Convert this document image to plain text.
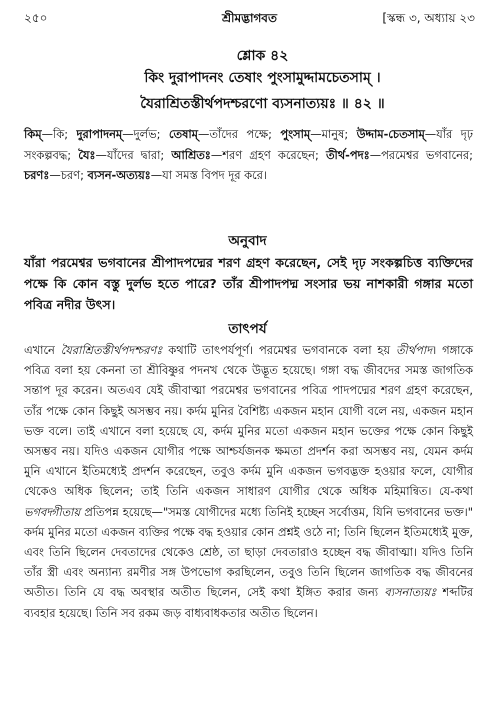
২৫০	শ্রীমদ্ভাগবত	[স্কন্ধ ৩, অধ্যায় ২৩
শ্লোক ৪২
কিং দুরাপাদনং তেষাং পুংসামুদ্দামচেতসাম্ ।
যৈরাশ্রিতস্তীর্থপদশ্চরণো ব্যসনাত্যয়ঃ ॥ ৪২ ॥
কিম্—কি; দুরাপাদনম্—দুর্লভ; তেষাম্—তাঁদের পক্ষে; পুংসাম্—মানুষ; উদ্দাম-চেতসাম্—যাঁর দৃঢ় সংকল্পবদ্ধ; যৈঃ—যাঁদের দ্বারা; আশ্রিতঃ—শরণ গ্রহণ করেছেন; তীর্থ-পদঃ—পরমেশ্বর ভগবানের; চরণঃ—চরণ; ব্যসন-অত্যয়ঃ—যা সমস্ত বিপদ দূর করে।
অনুবাদ
যাঁরা পরমেশ্বর ভগবানের শ্রীপাদপদ্মের শরণ গ্রহণ করেছেন, সেই দৃঢ় সংকল্পচিত্ত ব্যক্তিদের পক্ষে কি কোন বস্তু দুর্লভ হতে পারে? তাঁর শ্রীপাদপদ্ম সংসার ভয় নাশকারী গঙ্গার মতো পবিত্র নদীর উৎস।
তাৎপর্য

এখানে যৈরাশ্রিতস্তীর্থপদশ্চরণঃ কথাটি তাৎপর্যপূর্ণ। পরমেশ্বর ভগবানকে বলা হয় তীর্থপাদ। গঙ্গাকে পবিত্র বলা হয় কেননা তা শ্রীবিষ্ণুর পদনখ থেকে উদ্ভূত হয়েছে। গঙ্গা বদ্ধ জীবদের সমস্ত জাগতিক সন্তাপ দূর করেন। অতএব যেই জীবাত্মা পরমেশ্বর ভগবানের পবিত্র পাদপদ্মের শরণ গ্রহণ করেছেন, তাঁর পক্ষে কোন কিছুই অসম্ভব নয়। কর্দম মুনির বৈশিষ্ট্য একজন মহান যোগী বলে নয়, একজন মহান ভক্ত বলে। তাই এখানে বলা হয়েছে যে, কর্দম মুনির মতো একজন মহান ভক্তের পক্ষে কোন কিছুই অসম্ভব নয়। যদিও একজন যোগীর পক্ষে আশ্চর্যজনক ক্ষমতা প্রদর্শন করা অসম্ভব নয়, যেমন কর্দম মুনি এখানে ইতিমধ্যেই প্রদর্শন করেছেন, তবুও কর্দম মুনি একজন ভগবদ্ভক্ত হওয়ার ফলে, যোগীর থেকেও অধিক ছিলেন; তাই তিনি একজন সাধারণ যোগীর থেকে অধিক মহিমান্বিত। যে-কথা ভগবদ্গীতায় প্রতিপন্ন হয়েছে—"সমস্ত যোগীদের মধ্যে তিনিই হচ্ছেন সর্বোত্তম, যিনি ভগবানের ভক্ত।" কর্দম মুনির মতো একজন ব্যক্তির পক্ষে বদ্ধ হওয়ার কোন প্রশ্নই ওঠে না; তিনি ছিলেন ইতিমধ্যেই মুক্ত, এবং তিনি ছিলেন দেবতাদের থেকেও শ্রেষ্ঠ, তা ছাড়া দেবতারাও হচ্ছেন বদ্ধ জীবাত্মা। যদিও তিনি তাঁর স্ত্রী এবং অন্যান্য রমণীর সঙ্গ উপভোগ করছিলেন, তবুও তিনি ছিলেন জাগতিক বদ্ধ জীবনের অতীত। তিনি যে বদ্ধ অবস্থার অতীত ছিলেন, সেই কথা ইঙ্গিত করার জন্য ব্যসনাত্যয়ঃ শব্দটির ব্যবহার হয়েছে। তিনি সব রকম জড় বাধ্যবাধকতার অতীত ছিলেন।
